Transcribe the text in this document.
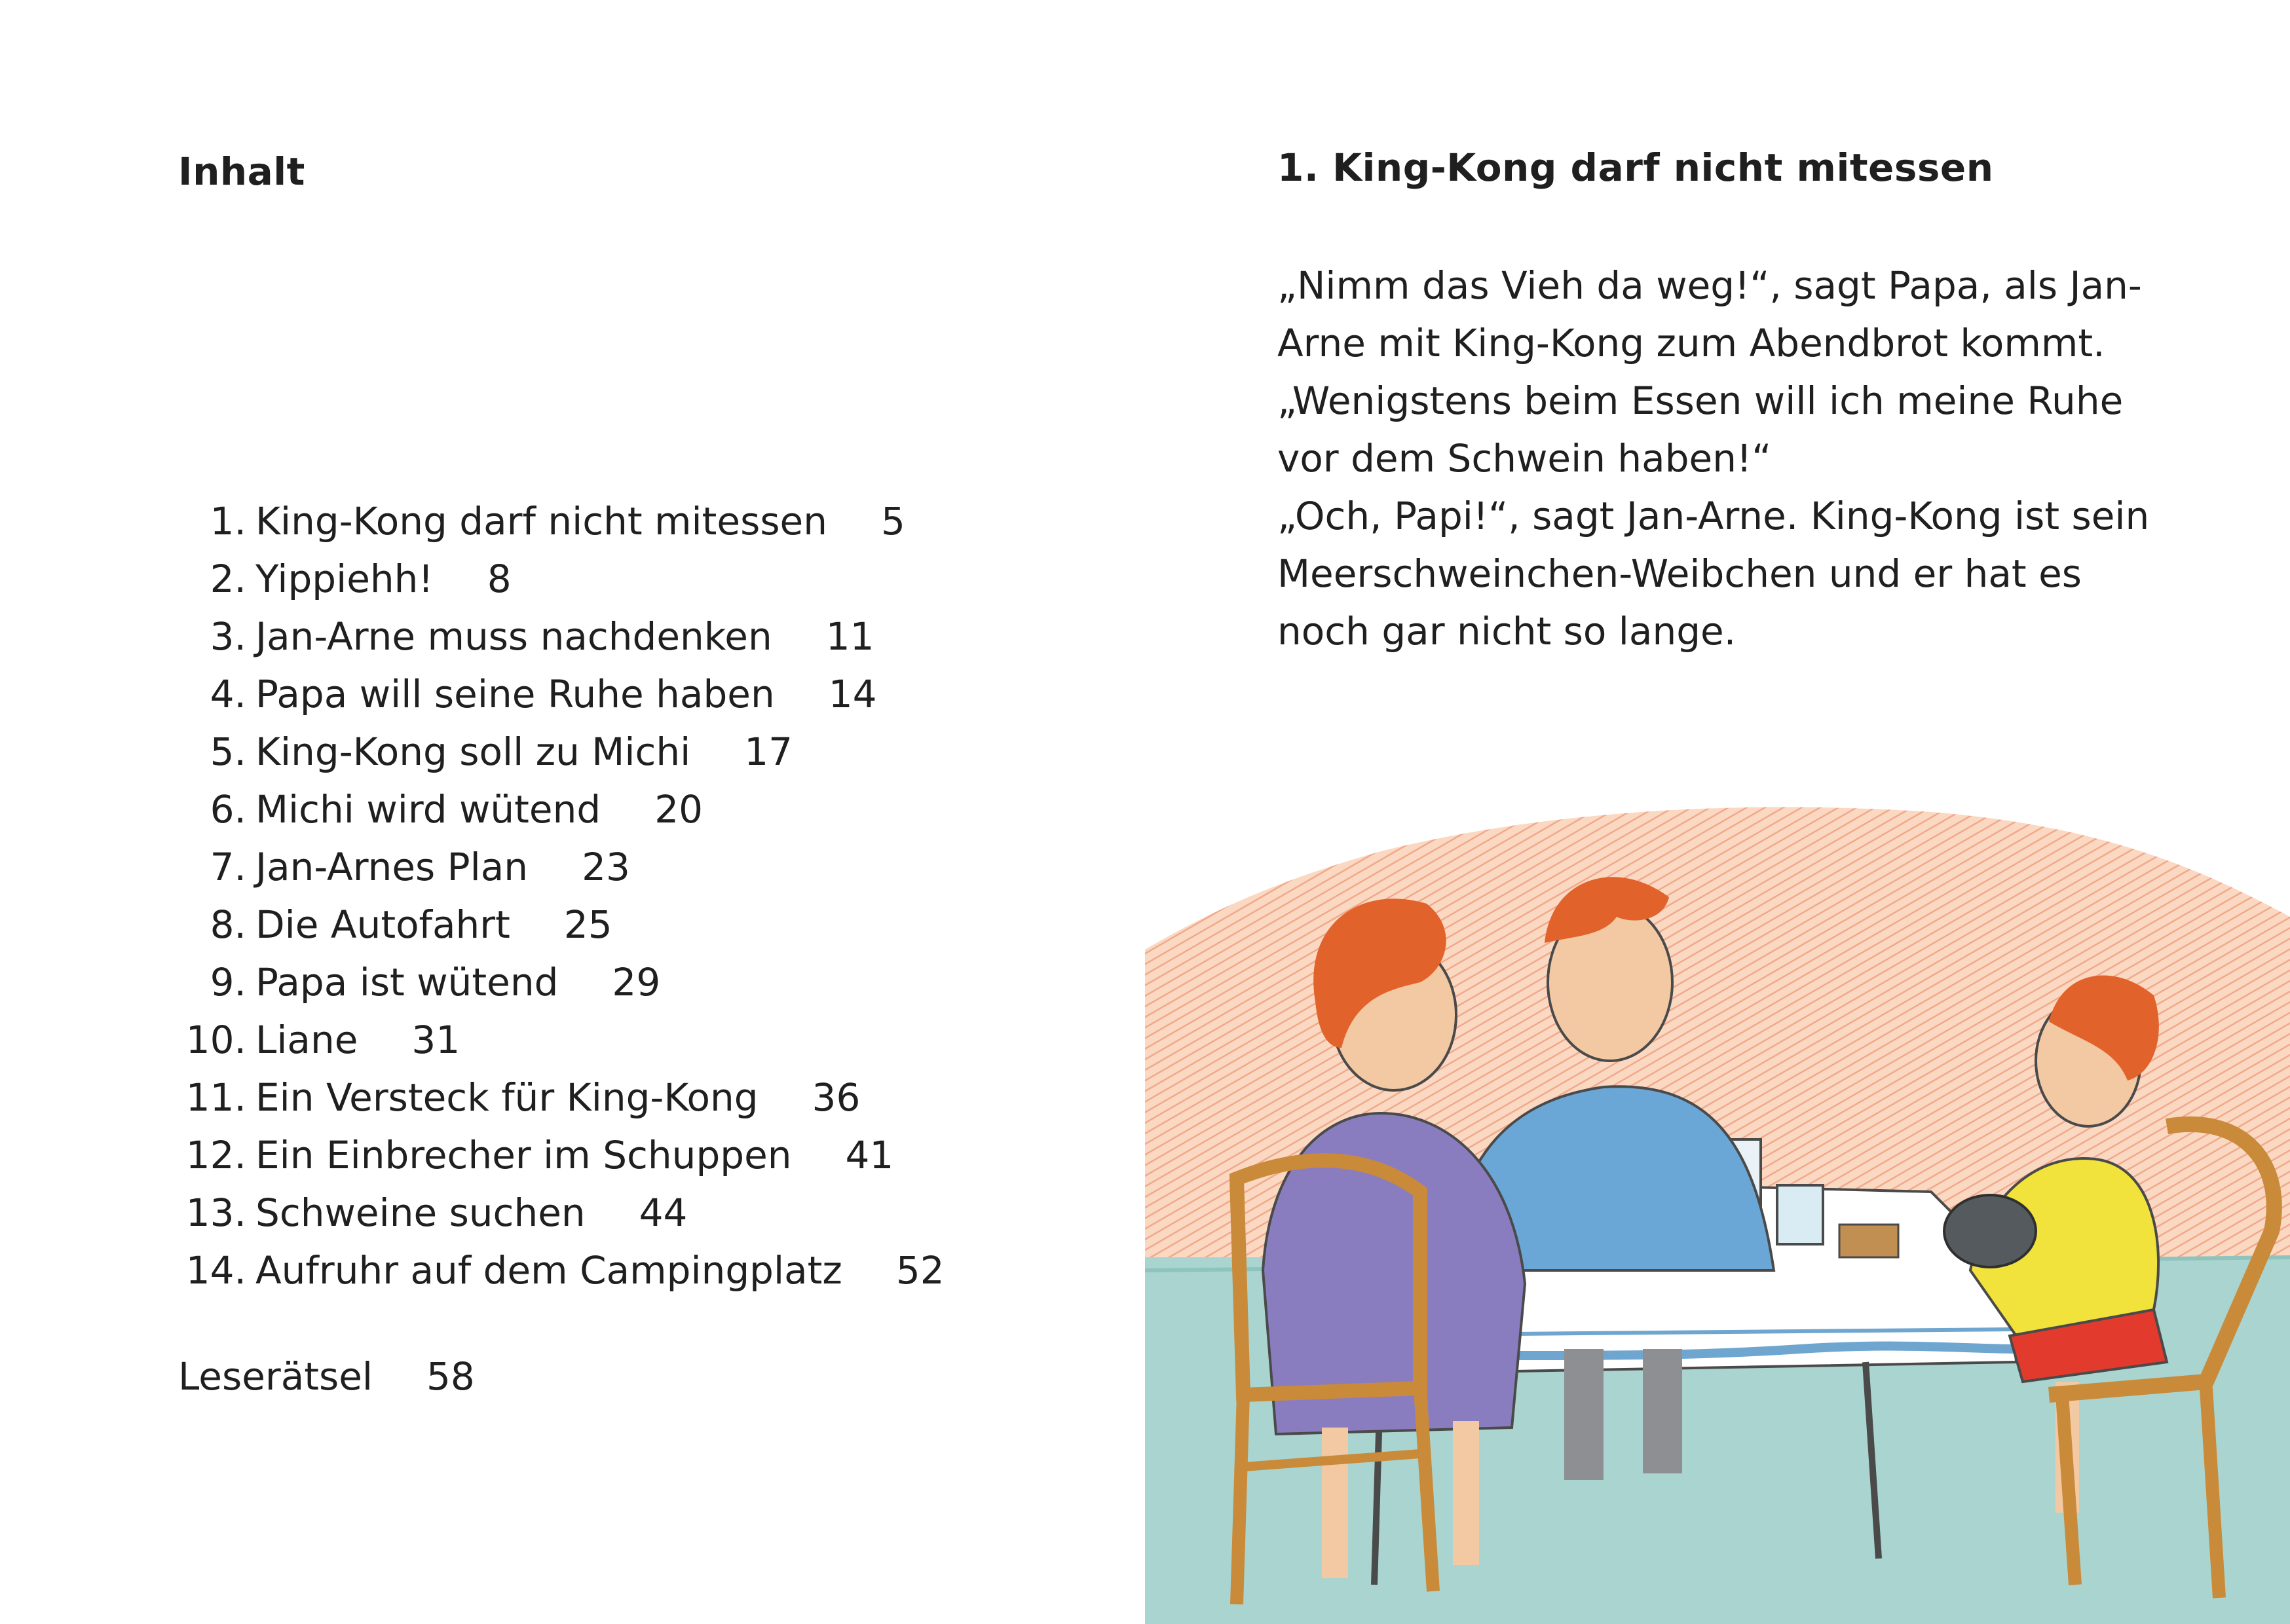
Inhalt
1. King-Kong darf nicht mitessen 5
2. Yippiehh! 8
3. Jan-Arne muss nachdenken 11
4. Papa will seine Ruhe haben 14
5. King-Kong soll zu Michi 17
6. Michi wird wütend 20
7. Jan-Arnes Plan 23
8. Die Autofahrt 25
9. Papa ist wütend 29
10. Liane 31
11. Ein Versteck für King-Kong 36
12. Ein Einbrecher im Schuppen 41
13. Schweine suchen 44
14. Aufruhr auf dem Campingplatz 52
Leserätsel 58
1. King-Kong darf nicht mitessen
„Nimm das Vieh da weg!“, sagt Papa, als Jan-
Arne mit King-Kong zum Abendbrot kommt.
„Wenigstens beim Essen will ich meine Ruhe
vor dem Schwein haben!“
„Och, Papi!“, sagt Jan-Arne. King-Kong ist sein
Meerschweinchen-Weibchen und er hat es
noch gar nicht so lange.
